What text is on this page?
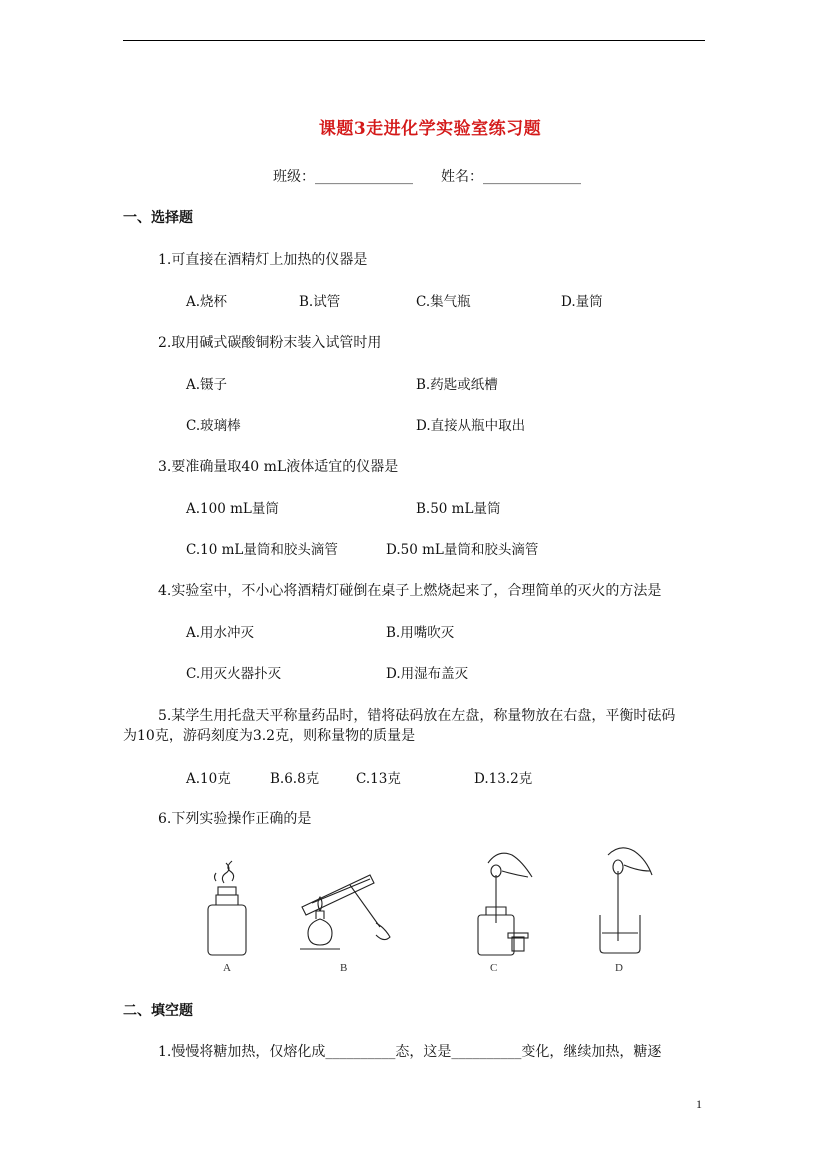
课题3走进化学实验室练习题
班级：______________ 姓名：______________
一、选择题
1.可直接在酒精灯上加热的仪器是
A.烧杯	B.试管	C.集气瓶	D.量筒
2.取用碱式碳酸铜粉末装入试管时用
A.镊子	B.药匙或纸槽
C.玻璃棒	D.直接从瓶中取出
3.要准确量取40 mL液体适宜的仪器是
A.100 mL量筒	B.50 mL量筒
C.10 mL量筒和胶头滴管	D.50 mL量筒和胶头滴管
4.实验室中，不小心将酒精灯碰倒在桌子上燃烧起来了，合理简单的灭火的方法是
A.用水冲灭	B.用嘴吹灭
C.用灭火器扑灭	D.用湿布盖灭
5.某学生用托盘天平称量药品时，错将砝码放在左盘，称量物放在右盘，平衡时砝码
为10克，游码刻度为3.2克，则称量物的质量是
A.10克	B.6.8克	C.13克	D.13.2克
6.下列实验操作正确的是
A	B	C	D
二、填空题
1.慢慢将糖加热，仅熔化成__________态，这是__________变化，继续加热，糖逐
1
